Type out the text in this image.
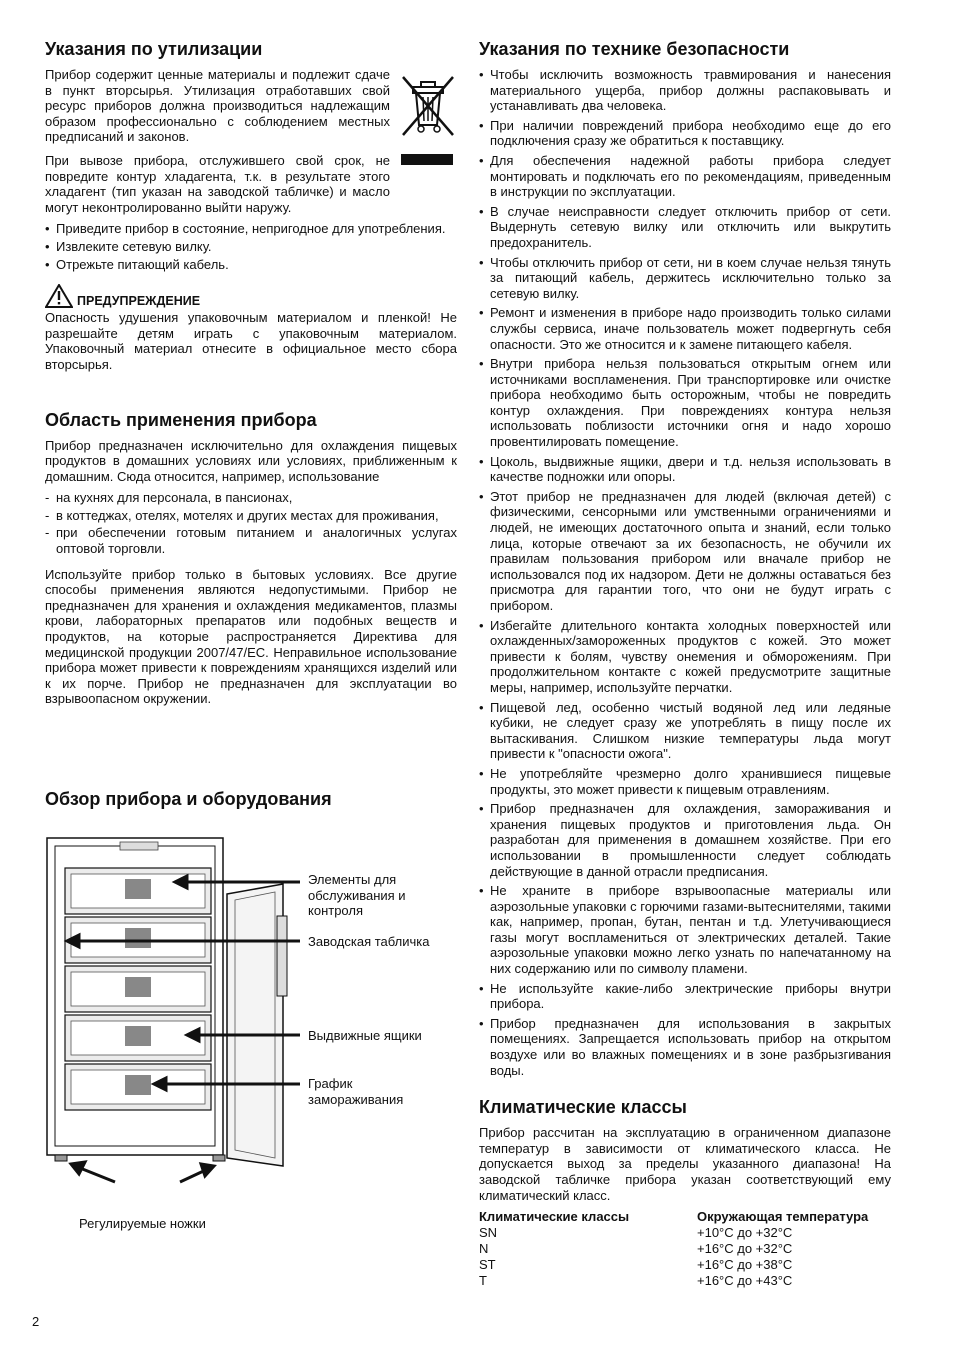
Указания по утилизации

Прибор содержит ценные материалы и подлежит сдаче в пункт вторсырья. Утилизация отработавших свой ресурс приборов должна производиться надлежащим образом профессионально с соблюдением местных предписаний и законов.

При вывозе прибора, отслужившего свой срок, не повредите контур хладагента, т.к. в результате этого хладагент (тип указан на заводской табличке) и масло могут неконтролированно выйти наружу.

• Приведите прибор в состояние, непригодное для употребления.
• Извлеките сетевую вилку.
• Отрежьте питающий кабель.
ПРЕДУПРЕЖДЕНИЕ

Опасность удушения упаковочным материалом и пленкой! Не разрешайте детям играть с упаковочным материалом. Упаковочный материал отнесите в официальное место сбора вторсырья.

Область применения прибора

Прибор предназначен исключительно для охлаждения пищевых продуктов в домашних условиях или условиях, приближенным к домашним. Сюда относится, например, использование

- на кухнях для персонала, в пансионах,
- в коттеджах, отелях, мотелях и других местах для проживания,
- при обеспечении готовым питанием и аналогичных услугах оптовой торговли.

Используйте прибор только в бытовых условиях. Все другие способы применения являются недопустимыми. Прибор не предназначен для хранения и охлаждения медикаментов, плазмы крови, лабораторных препаратов или подобных веществ и продуктов, на которые распространяется Директива для медицинской продукции 2007/47/EC. Неправильное использование прибора может привести к повреждениям хранящихся изделий или к их порче. Прибор не предназначен для эксплуатации во взрывоопасном окружении.

Обзор прибора и оборудования
Элементы для обслуживания и контроля
Заводская табличка
Выдвижные ящики
График замораживания
Регулируемые ножки
Указания по технике безопасности
• Чтобы исключить возможность травмирования и нанесения материального ущерба, прибор должны распаковывать и устанавливать два человека.
• При наличии повреждений прибора необходимо еще до его подключения сразу же обратиться к поставщику.
• Для обеспечения надежной работы прибора следует монтировать и подключать его по рекомендациям, приведенным в инструкции по эксплуатации.
• В случае неисправности следует отключить прибор от сети. Выдернуть сетевую вилку или отключить или выкрутить предохранитель.
• Чтобы отключить прибор от сети, ни в коем случае нельзя тянуть за питающий кабель, держитесь исключительно только за сетевую вилку.
• Ремонт и изменения в приборе надо производить только силами службы сервиса, иначе пользователь может подвергнуть себя опасности. Это же относится и к замене питающего кабеля.
• Внутри прибора нельзя пользоваться открытым огнем или источниками воспламенения. При транспортировке или очистке прибора необходимо быть осторожным, чтобы не повредить контур охлаждения. При повреждениях контура нельзя использовать поблизости источники огня и надо хорошо провентилировать помещение.
• Цоколь, выдвижные ящики, двери и т.д. нельзя использовать в качестве подножки или опоры.
• Этот прибор не предназначен для людей (включая детей) с физическими, сенсорными или умственными ограничениями и людей, не имеющих достаточного опыта и знаний, если только лица, которые отвечают за их безопасность, не обучили их правилам пользования прибором или вначале прибор не использовался под их надзором. Дети не должны оставаться без присмотра для гарантии того, что они не будут играть с прибором.
• Избегайте длительного контакта холодных поверхностей или охлажденных/замороженных продуктов с кожей. Это может привести к болям, чувству онемения и обморожениям. При продолжительном контакте с кожей предусмотрите защитные меры, например, используйте перчатки.
• Пищевой лед, особенно чистый водяной лед или ледяные кубики, не следует сразу же употреблять в пищу после их вытаскивания. Слишком низкие температуры льда могут привести к "опасности ожога".
• Не употребляйте чрезмерно долго хранившиеся пищевые продукты, это может привести к пищевым отравлениям.
• Прибор предназначен для охлаждения, замораживания и хранения пищевых продуктов и приготовления льда. Он разработан для применения в домашнем хозяйстве. При его использовании в промышленности следует соблюдать действующие в данной отрасли предписания.
• Не храните в приборе взрывоопасные материалы или аэрозольные упаковки с горючими газами-вытеснителями, такими как, например, пропан, бутан, пентан и т.д. Улетучивающиеся газы могут воспламениться от электрических деталей. Такие аэрозольные упаковки можно легко узнать по напечатанному на них содержанию или по символу пламени.
• Не используйте какие-либо электрические приборы внутри прибора.
• Прибор предназначен для использования в закрытых помещениях. Запрещается использовать прибор на открытом воздухе или во влажных помещениях и в зоне разбрызгивания воды.
Климатические классы

Прибор рассчитан на эксплуатацию в ограниченном диапазоне температур в зависимости от климатического класса. Не допускается выход за пределы указанного диапазона! На заводской табличке прибора указан соответствующий ему климатический класс.

Климатические классы	Окружающая температура
SN	+10°C до +32°C
N	+16°C до +32°C
ST	+16°C до +38°C
T	+16°C до +43°C
2
